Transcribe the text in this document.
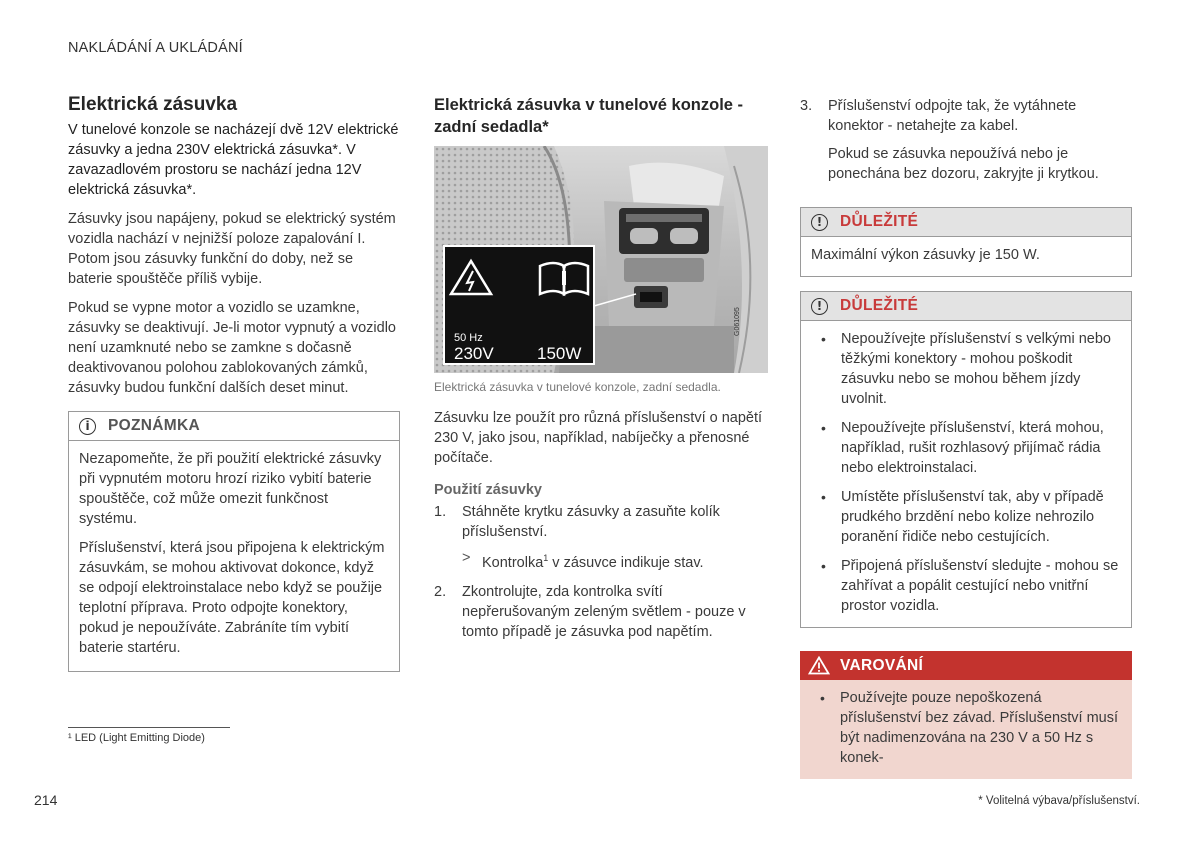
NAKLÁDÁNÍ A UKLÁDÁNÍ
Elektrická zásuvka

V tunelové konzole se nacházejí dvě 12V elektrické zásuvky a jedna 230V elektrická zásuvka*. V zavazadlovém prostoru se nachází jedna 12V elektrická zásuvka*.

Zásuvky jsou napájeny, pokud se elektrický systém vozidla nachází v nejnižší poloze zapalování I. Potom jsou zásuvky funkční do doby, než se baterie spouštěče příliš vybije.

Pokud se vypne motor a vozidlo se uzamkne, zásuvky se deaktivují. Je-li motor vypnutý a vozidlo není uzamknuté nebo se zamkne s dočasně deaktivovanou polohou zablokovaných zámků, zásuvky budou funkční dalších deset minut.

i	POZNÁMKA

Nezapomeňte, že při použití elektrické zásuvky při vypnutém motoru hrozí riziko vybití baterie spouštěče, což může omezit funkčnost systému.

Příslušenství, která jsou připojena k elektrickým zásuvkám, se mohou aktivovat dokonce, když se odpojí elektroinstalace nebo když se použije teplotní příprava. Proto odpojte konektory, pokud je nepoužíváte. Zabráníte tím vybití baterie startéru.

Elektrická zásuvka v tunelové konzole - zadní sedadla*
50 Hz
230V	150W
G061095
Elektrická zásuvka v tunelové konzole, zadní sedadla.

Zásuvku lze použít pro různá příslušenství o napětí 230 V, jako jsou, například, nabíječky a přenosné počítače.

Použití zásuvky
1.	Stáhněte krytku zásuvky a zasuňte kolík příslušenství.
> Kontrolka$^1$ v zásuvce indikuje stav.
2.	Zkontrolujte, zda kontrolka svítí nepřerušovaným zeleným světlem - pouze v tomto případě je zásuvka pod napětím.
3.	Příslušenství odpojte tak, že vytáhnete konektor - netahejte za kabel.

Pokud se zásuvka nepoužívá nebo je ponechána bez dozoru, zakryjte ji krytkou.

!	DŮLEŽITÉ

Maximální výkon zásuvky je 150 W.

!	DŮLEŽITÉ
• Nepoužívejte příslušenství s velkými nebo těžkými konektory - mohou poškodit zásuvku nebo se mohou během jízdy uvolnit.
• Nepoužívejte příslušenství, která mohou, například, rušit rozhlasový přijímač rádia nebo elektroinstalaci.
• Umístěte příslušenství tak, aby v případě prudkého brzdění nebo kolize nehrozilo poranění řidiče nebo cestujících.
• Připojená příslušenství sledujte - mohou se zahřívat a popálit cestující nebo vnitřní prostor vozidla.
VAROVÁNÍ
• Používejte pouze nepoškozená příslušenství bez závad. Příslušenství musí být nadimenzována na 230 V a 50 Hz s konek-
¹ LED (Light Emitting Diode)
214	* Volitelná výbava/příslušenství.
